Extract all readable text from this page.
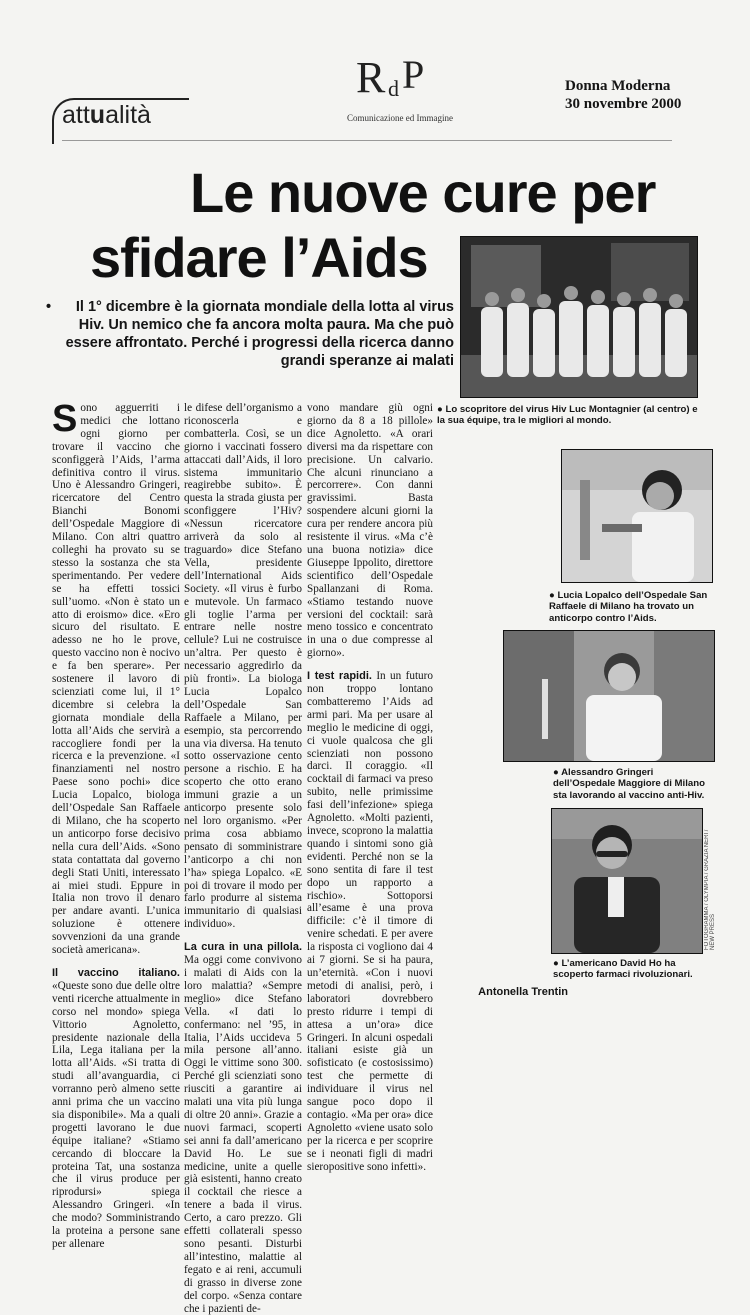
R d P
Comunicazione ed Immagine
Donna Moderna
30 novembre 2000
attualità
Le nuove cure per
sfidare l’Aids
• Il 1° dicembre è la giornata mondiale della lotta al virus Hiv. Un nemico che fa ancora molta paura. Ma che può essere affrontato. Perché i progressi della ricerca danno grandi speranze ai malati
● Lo scopritore del virus Hiv Luc Montagnier (al centro) e la sua équipe, tra le migliori al mondo.

Sono agguerriti i medici che lottano ogni giorno per trovare il vaccino che sconfiggerà l’Aids, l’arma definitiva contro il virus. Uno è Alessandro Gringeri, ricercatore del Centro Bianchi Bonomi dell’Ospedale Maggiore di Milano. Con altri quattro colleghi ha provato su se stesso la sostanza che sta sperimentando. Per vedere se ha effetti tossici sull’uomo. «Non è stato un atto di eroismo» dice. «Ero sicuro del risultato. E adesso ne ho le prove, questo vaccino non è nocivo e fa ben sperare». Per sostenere il lavoro di scienziati come lui, il 1° dicembre si celebra la giornata mondiale della lotta all’Aids che servirà a raccogliere fondi per la ricerca e la prevenzione. «I finanziamenti nel nostro Paese sono pochi» dice Lucia Lopalco, biologa dell’Ospedale San Raffaele di Milano, che ha scoperto un anticorpo forse decisivo nella cura dell’Aids. «Sono stata contattata dal governo degli Stati Uniti, interessato ai miei studi. Eppure in Italia non trovo il denaro per andare avanti. L’unica soluzione è ottenere sovvenzioni da una grande società americana».

Il vaccino italiano. «Queste sono due delle oltre venti ricerche attualmente in corso nel mondo» spiega Vittorio Agnoletto, presidente nazionale della Lila, Lega italiana per la lotta all’Aids. «Si tratta di studi all’avanguardia, ci vorranno però almeno sette anni prima che un vaccino sia disponibile». Ma a quali progetti lavorano le due équipe italiane? «Stiamo cercando di bloccare la proteina Tat, una sostanza che il virus produce per riprodursi» spiega Alessandro Gringeri. «In che modo? Somministrando la proteina a persone sane per allenare

le difese dell’organismo a riconoscerla e combatterla. Così, se un giorno i vaccinati fossero attaccati dall’Aids, il loro sistema immunitario reagirebbe subito». È questa la strada giusta per sconfiggere l’Hiv? «Nessun ricercatore arriverà da solo al traguardo» dice Stefano Vella, presidente dell’International Aids Society. «Il virus è furbo e mutevole. Un farmaco gli toglie l’arma per entrare nelle nostre cellule? Lui ne costruisce un’altra. Per questo è necessario aggredirlo da più fronti». La biologa Lucia Lopalco dell’Ospedale San Raffaele a Milano, per esempio, sta percorrendo una via diversa. Ha tenuto sotto osservazione cento persone a rischio. E ha scoperto che otto erano immuni grazie a un anticorpo presente solo nel loro organismo. «Per prima cosa abbiamo pensato di somministrare l’anticorpo a chi non l’ha» spiega Lopalco. «E poi di trovare il modo per farlo produrre al sistema immunitario di qualsiasi individuo».

La cura in una pillola. Ma oggi come convivono i malati di Aids con la loro malattia? «Sempre meglio» dice Stefano Vella. «I dati lo confermano: nel ’95, in Italia, l’Aids uccideva 5 mila persone all’anno. Oggi le vittime sono 300. Perché gli scienziati sono riusciti a garantire ai malati una vita più lunga di oltre 20 anni». Grazie a nuovi farmaci, scoperti sei anni fa dall’americano David Ho. Le sue medicine, unite a quelle già esistenti, hanno creato il cocktail che riesce a tenere a bada il virus. Certo, a caro prezzo. Gli effetti collaterali spesso sono pesanti. Disturbi all’intestino, malattie al fegato e ai reni, accumuli di grasso in diverse zone del corpo. «Senza contare che i pazienti de-

vono mandare giù ogni giorno da 8 a 18 pillole» dice Agnoletto. «A orari diversi ma da rispettare con precisione. Un calvario. Che alcuni rinunciano a percorrere». Con danni gravissimi. Basta sospendere alcuni giorni la cura per rendere ancora più resistente il virus. «Ma c’è una buona notizia» dice Giuseppe Ippolito, direttore scientifico dell’Ospedale Spallanzani di Roma. «Stiamo testando nuove versioni del cocktail: sarà meno tossico e concentrato in una o due compresse al giorno».

I test rapidi. In un futuro non troppo lontano combatteremo l’Aids ad armi pari. Ma per usare al meglio le medicine di oggi, ci vuole qualcosa che gli scienziati non possono darci. Il coraggio. «Il cocktail di farmaci va preso subito, nelle primissime fasi dell’infezione» spiega Agnoletto. «Molti pazienti, invece, scoprono la malattia quando i sintomi sono già evidenti. Perché non se la sono sentita di fare il test dopo un rapporto a rischio». Sottoporsi all’esame è una prova difficile: c’è il timore di venire schedati. E per avere la risposta ci vogliono dai 4 ai 7 giorni. Se si ha paura, un’eternità. «Con i nuovi metodi di analisi, però, i laboratori dovrebbero presto ridurre i tempi di attesa a un’ora» dice Gringeri. In alcuni ospedali italiani esiste già un sofisticato (e costosissimo) test che permette di individuare il virus nel sangue poco dopo il contagio. «Ma per ora» dice Agnoletto «viene usato solo per la ricerca e per scoprire se i neonati figli di madri sieropositive sono infetti».

Antonella Trentin
● Lucia Lopalco dell’Ospedale San Raffaele di Milano ha trovato un anticorpo contro l’Aids.
● Alessandro Gringeri dell’Ospedale Maggiore di Milano sta lavorando al vaccino anti-Hiv.
FOTOGRAMMA / OLYMPIA / GRAZIA NERI / NEW PRESS
● L’americano David Ho ha scoperto farmaci rivoluzionari.
